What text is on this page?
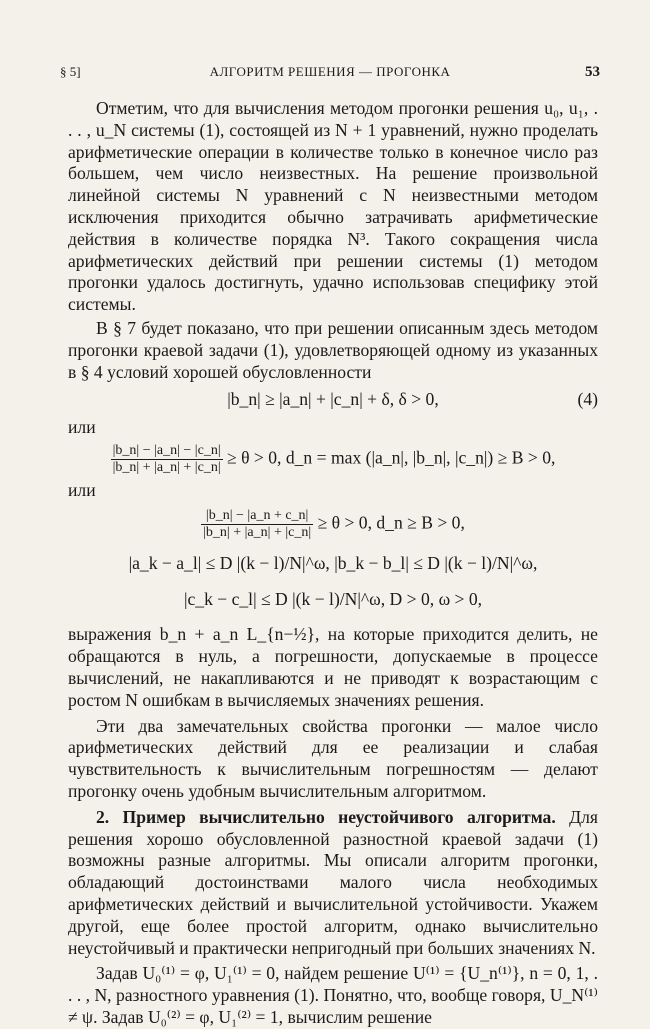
§ 5]	АЛГОРИТМ РЕШЕНИЯ — ПРОГОНКА	53

Отметим, что для вычисления методом прогонки решения u₀, u₁, . . . , u_N системы (1), состоящей из N + 1 уравнений, нужно проделать арифметические операции в количестве только в конечное число раз большем, чем число неизвестных. На решение произвольной линейной системы N уравнений с N неизвестными методом исключения приходится обычно затрачивать арифметические действия в количестве порядка N³. Такого сокращения числа арифметических действий при решении системы (1) методом прогонки удалось достигнуть, удачно использовав специфику этой системы.

В § 7 будет показано, что при решении описанным здесь методом прогонки краевой задачи (1), удовлетворяющей одному из указанных в § 4 условий хорошей обусловленности

|b_n| ≥ |a_n| + |c_n| + δ, δ > 0,	(4)

или

$\frac{|b\_n| - |a\_n| - |c\_n|}{|b\_n| + |a\_n| + |c\_n|} \ge \theta > 0$, d_n = max (|a_n|, |b_n|, |c_n|) ≥ B > 0,

или

$\frac{|b\_n| - |a\_n + c\_n|}{|b\_n| + |a\_n| + |c\_n|} \ge \theta > 0$, d_n ≥ B > 0,
|a_k − a_l| ≤ D |(k − l)/N|^ω, |b_k − b_l| ≤ D |(k − l)/N|^ω,
|c_k − c_l| ≤ D |(k − l)/N|^ω, D > 0, ω > 0,

выражения b_n + a_n L_{n−½}, на которые приходится делить, не обращаются в нуль, а погрешности, допускаемые в процессе вычислений, не накапливаются и не приводят к возрастающим с ростом N ошибкам в вычисляемых значениях решения.

Эти два замечательных свойства прогонки — малое число арифметических действий для ее реализации и слабая чувствительность к вычислительным погрешностям — делают прогонку очень удобным вычислительным алгоритмом.

2. Пример вычислительно неустойчивого алгоритма. Для решения хорошо обусловленной разностной краевой задачи (1) возможны разные алгоритмы. Мы описали алгоритм прогонки, обладающий достоинствами малого числа необходимых арифметических действий и вычислительной устойчивости. Укажем другой, еще более простой алгоритм, однако вычислительно неустойчивый и практически непригодный при больших значениях N.

Задав U₀⁽¹⁾ = φ, U₁⁽¹⁾ = 0, найдем решение U⁽¹⁾ = {U_n⁽¹⁾}, n = 0, 1, . . . , N, разностного уравнения (1). Понятно, что, вообще говоря, U_N⁽¹⁾ ≠ ψ. Задав U₀⁽²⁾ = φ, U₁⁽²⁾ = 1, вычислим решение
